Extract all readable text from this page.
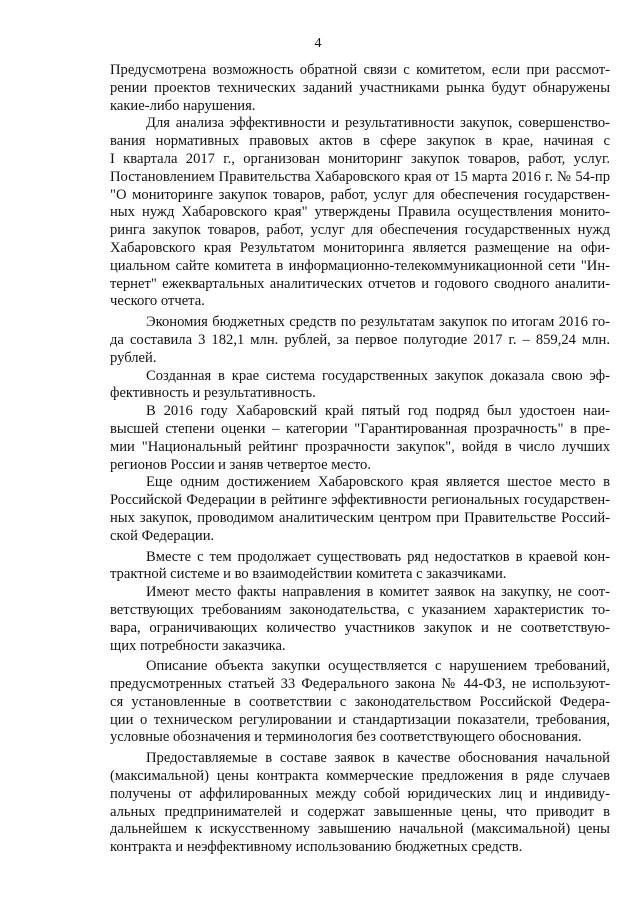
4
Предусмотрена возможность обратной связи с комитетом, если при рассмот-
рении проектов технических заданий участниками рынка будут обнаружены
какие-либо нарушения.
Для анализа эффективности и результативности закупок, совершенство-
вания нормативных правовых актов в сфере закупок в крае, начиная с
I квартала 2017 г., организован мониторинг закупок товаров, работ, услуг.
Постановлением Правительства Хабаровского края от 15 марта 2016 г. № 54-пр
"О мониторинге закупок товаров, работ, услуг для обеспечения государствен-
ных нужд Хабаровского края" утверждены Правила осуществления монито-
ринга закупок товаров, работ, услуг для обеспечения государственных нужд
Хабаровского края Результатом мониторинга является размещение на офи-
циальном сайте комитета в информационно-телекоммуникационной сети "Ин-
тернет" ежеквартальных аналитических отчетов и годового сводного аналити-
ческого отчета.
Экономия бюджетных средств по результатам закупок по итогам 2016 го-
да составила 3 182,1 млн. рублей, за первое полугодие 2017 г. – 859,24 млн.
рублей.
Созданная в крае система государственных закупок доказала свою эф-
фективность и результативность.
В 2016 году Хабаровский край пятый год подряд был удостоен наи-
высшей степени оценки – категории "Гарантированная прозрачность" в пре-
мии "Национальный рейтинг прозрачности закупок", войдя в число лучших
регионов России и заняв четвертое место.
Еще одним достижением Хабаровского края является шестое место в
Российской Федерации в рейтинге эффективности региональных государствен-
ных закупок, проводимом аналитическим центром при Правительстве Россий-
ской Федерации.
Вместе с тем продолжает существовать ряд недостатков в краевой кон-
трактной системе и во взаимодействии комитета с заказчиками.
Имеют место факты направления в комитет заявок на закупку, не соот-
ветствующих требованиям законодательства, с указанием характеристик то-
вара, ограничивающих количество участников закупок и не соответствую-
щих потребности заказчика.
Описание объекта закупки осуществляется с нарушением требований,
предусмотренных статьей 33 Федерального закона № 44-ФЗ, не используют-
ся установленные в соответствии с законодательством Российской Федера-
ции о техническом регулировании и стандартизации показатели, требования,
условные обозначения и терминология без соответствующего обоснования.
Предоставляемые в составе заявок в качестве обоснования начальной
(максимальной) цены контракта коммерческие предложения в ряде случаев
получены от аффилированных между собой юридических лиц и индивиду-
альных предпринимателей и содержат завышенные цены, что приводит в
дальнейшем к искусственному завышению начальной (максимальной) цены
контракта и неэффективному использованию бюджетных средств.
